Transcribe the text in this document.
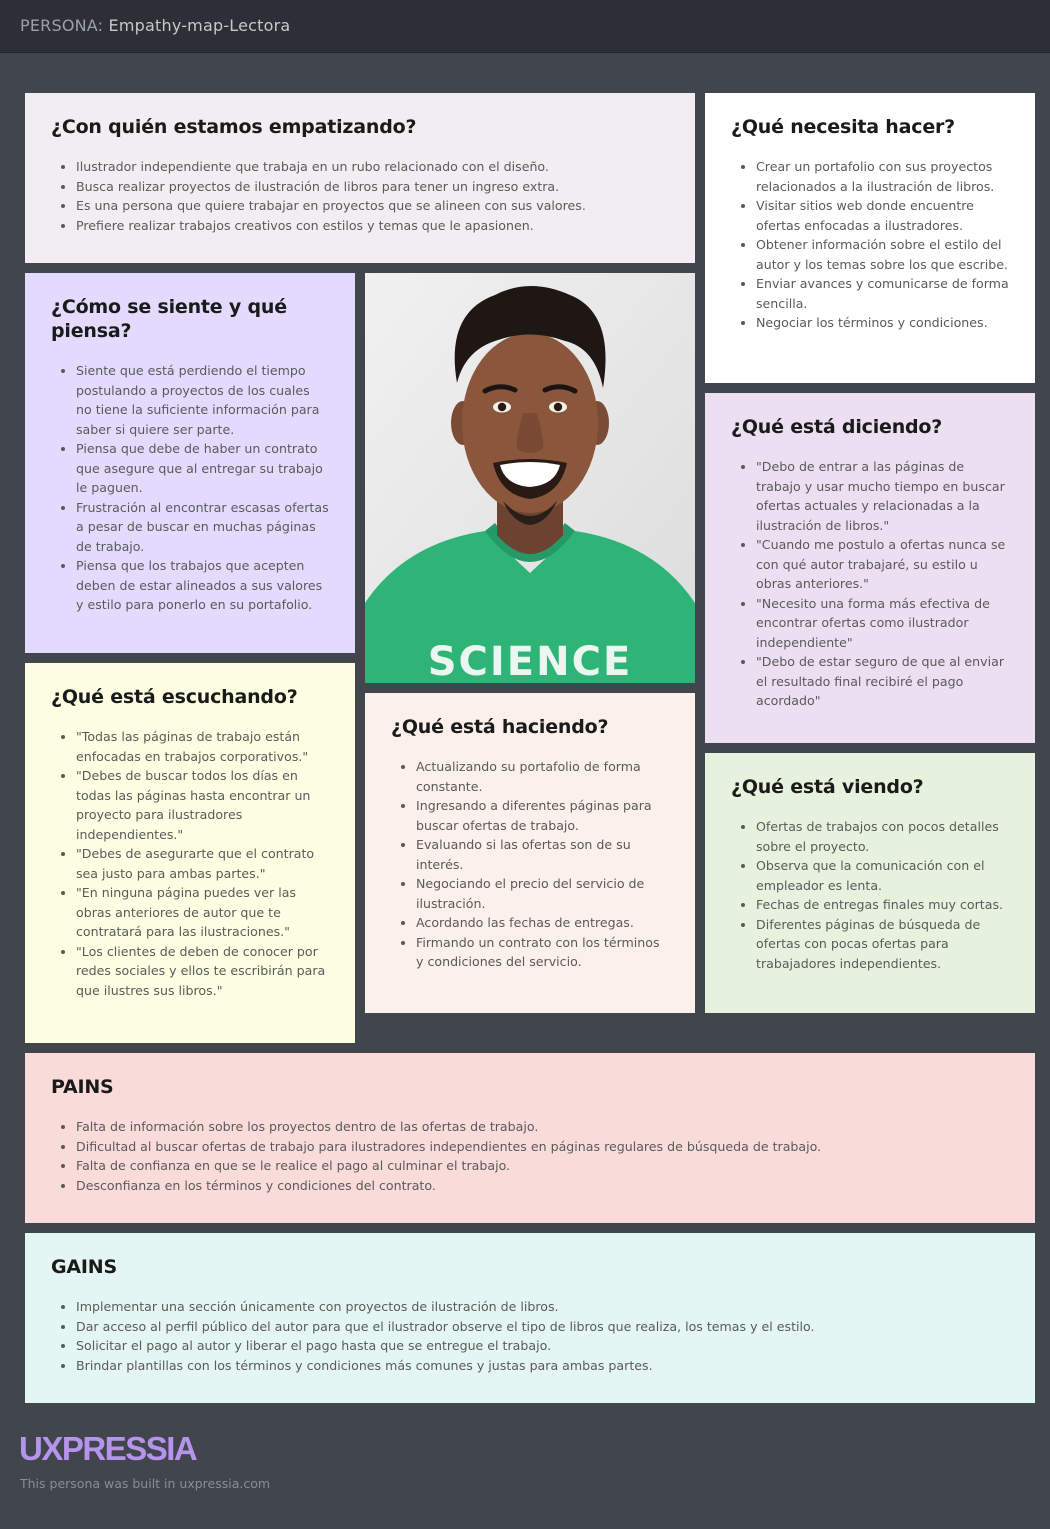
PERSONA: Empathy-map-Lectora
¿Con quién estamos empatizando?
• Ilustrador independiente que trabaja en un rubo relacionado con el diseño.
• Busca realizar proyectos de ilustración de libros para tener un ingreso extra.
• Es una persona que quiere trabajar en proyectos que se alineen con sus valores.
• Prefiere realizar trabajos creativos con estilos y temas que le apasionen.
¿Qué necesita hacer?
• Crear un portafolio con sus proyectos relacionados a la ilustración de libros.
• Visitar sitios web donde encuentre ofertas enfocadas a ilustradores.
• Obtener información sobre el estilo del autor y los temas sobre los que escribe.
• Enviar avances y comunicarse de forma sencilla.
• Negociar los términos y condiciones.
¿Cómo se siente y qué piensa?
• Siente que está perdiendo el tiempo postulando a proyectos de los cuales no tiene la suficiente información para saber si quiere ser parte.
• Piensa que debe de haber un contrato que asegure que al entregar su trabajo le paguen.
• Frustración al encontrar escasas ofertas a pesar de buscar en muchas páginas de trabajo.
• Piensa que los trabajos que acepten deben de estar alineados a sus valores y estilo para ponerlo en su portafolio.
¿Qué está diciendo?
• "Debo de entrar a las páginas de trabajo y usar mucho tiempo en buscar ofertas actuales y relacionadas a la ilustración de libros."
• "Cuando me postulo a ofertas nunca se con qué autor trabajaré, su estilo u obras anteriores."
• "Necesito una forma más efectiva de encontrar ofertas como ilustrador independiente"
• "Debo de estar seguro de que al enviar el resultado final recibiré el pago acordado"
¿Qué está escuchando?
• "Todas las páginas de trabajo están enfocadas en trabajos corporativos."
• "Debes de buscar todos los días en todas las páginas hasta encontrar un proyecto para ilustradores independientes."
• "Debes de asegurarte que el contrato sea justo para ambas partes."
• "En ninguna página puedes ver las obras anteriores de autor que te contratará para las ilustraciones."
• "Los clientes de deben de conocer por redes sociales y ellos te escribirán para que ilustres sus libros."
¿Qué está haciendo?
• Actualizando su portafolio de forma constante.
• Ingresando a diferentes páginas para buscar ofertas de trabajo.
• Evaluando si las ofertas son de su interés.
• Negociando el precio del servicio de ilustración.
• Acordando las fechas de entregas.
• Firmando un contrato con los términos y condiciones del servicio.
¿Qué está viendo?
• Ofertas de trabajos con pocos detalles sobre el proyecto.
• Observa que la comunicación con el empleador es lenta.
• Fechas de entregas finales muy cortas.
• Diferentes páginas de búsqueda de ofertas con pocas ofertas para trabajadores independientes.
PAINS
• Falta de información sobre los proyectos dentro de las ofertas de trabajo.
• Dificultad al buscar ofertas de trabajo para ilustradores independientes en páginas regulares de búsqueda de trabajo.
• Falta de confianza en que se le realice el pago al culminar el trabajo.
• Desconfianza en los términos y condiciones del contrato.
GAINS
• Implementar una sección únicamente con proyectos de ilustración de libros.
• Dar acceso al perfil público del autor para que el ilustrador observe el tipo de libros que realiza, los temas y el estilo.
• Solicitar el pago al autor y liberar el pago hasta que se entregue el trabajo.
• Brindar plantillas con los términos y condiciones más comunes y justas para ambas partes.
SCIENCE
UXPRESSIA
This persona was built in uxpressia.com
